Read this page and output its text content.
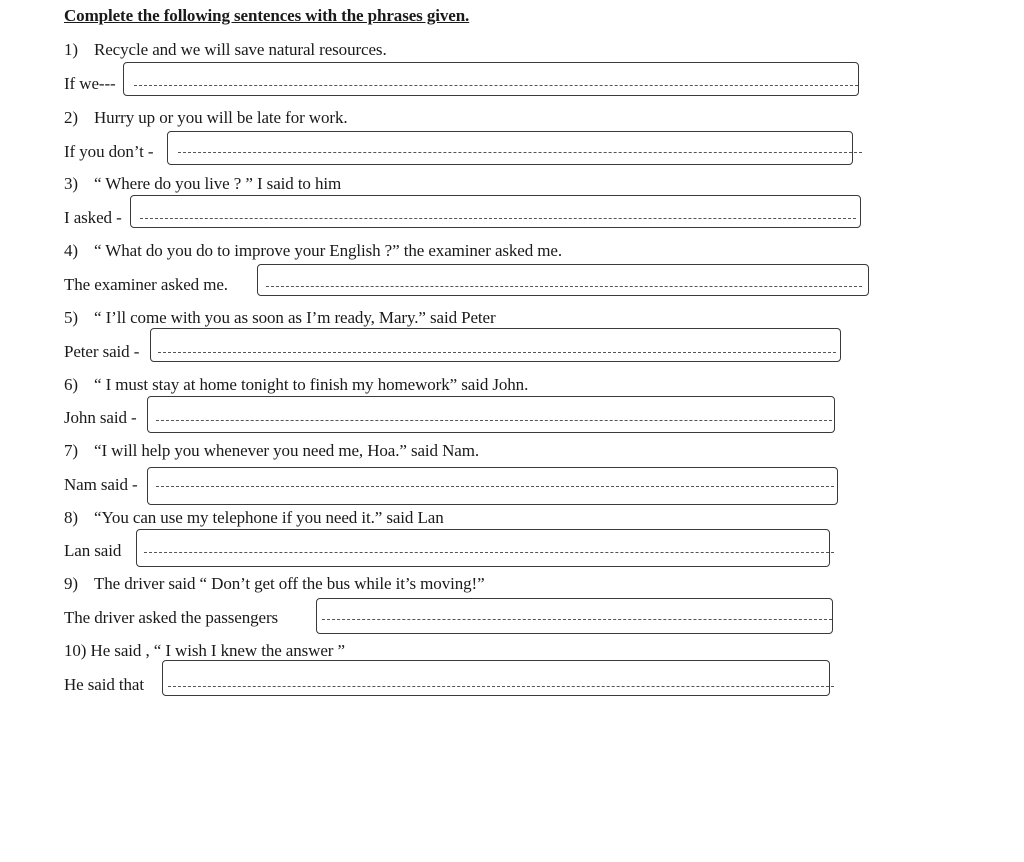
Complete the following sentences with the phrases given.
1) Recycle and we will save natural resources.
If we---
2) Hurry up or you will be late for work.
If you don’t -
3) “ Where do you live ? ” I said to him
I asked -
4) “ What do you do to improve your English ?” the examiner asked me.
The examiner asked me.
5) “ I’ll come with you as soon as I’m ready, Mary.” said Peter
Peter said -
6) “ I must stay at home tonight to finish my homework” said John.
John said -
7) “I will help you whenever you need me, Hoa.” said Nam.
Nam said -
8) “You can use my telephone if you need it.” said Lan
Lan said
9) The driver said “ Don’t get off the bus while it’s moving!”
The driver asked the passengers
10) He said , “ I wish I knew the answer ”
He said that
